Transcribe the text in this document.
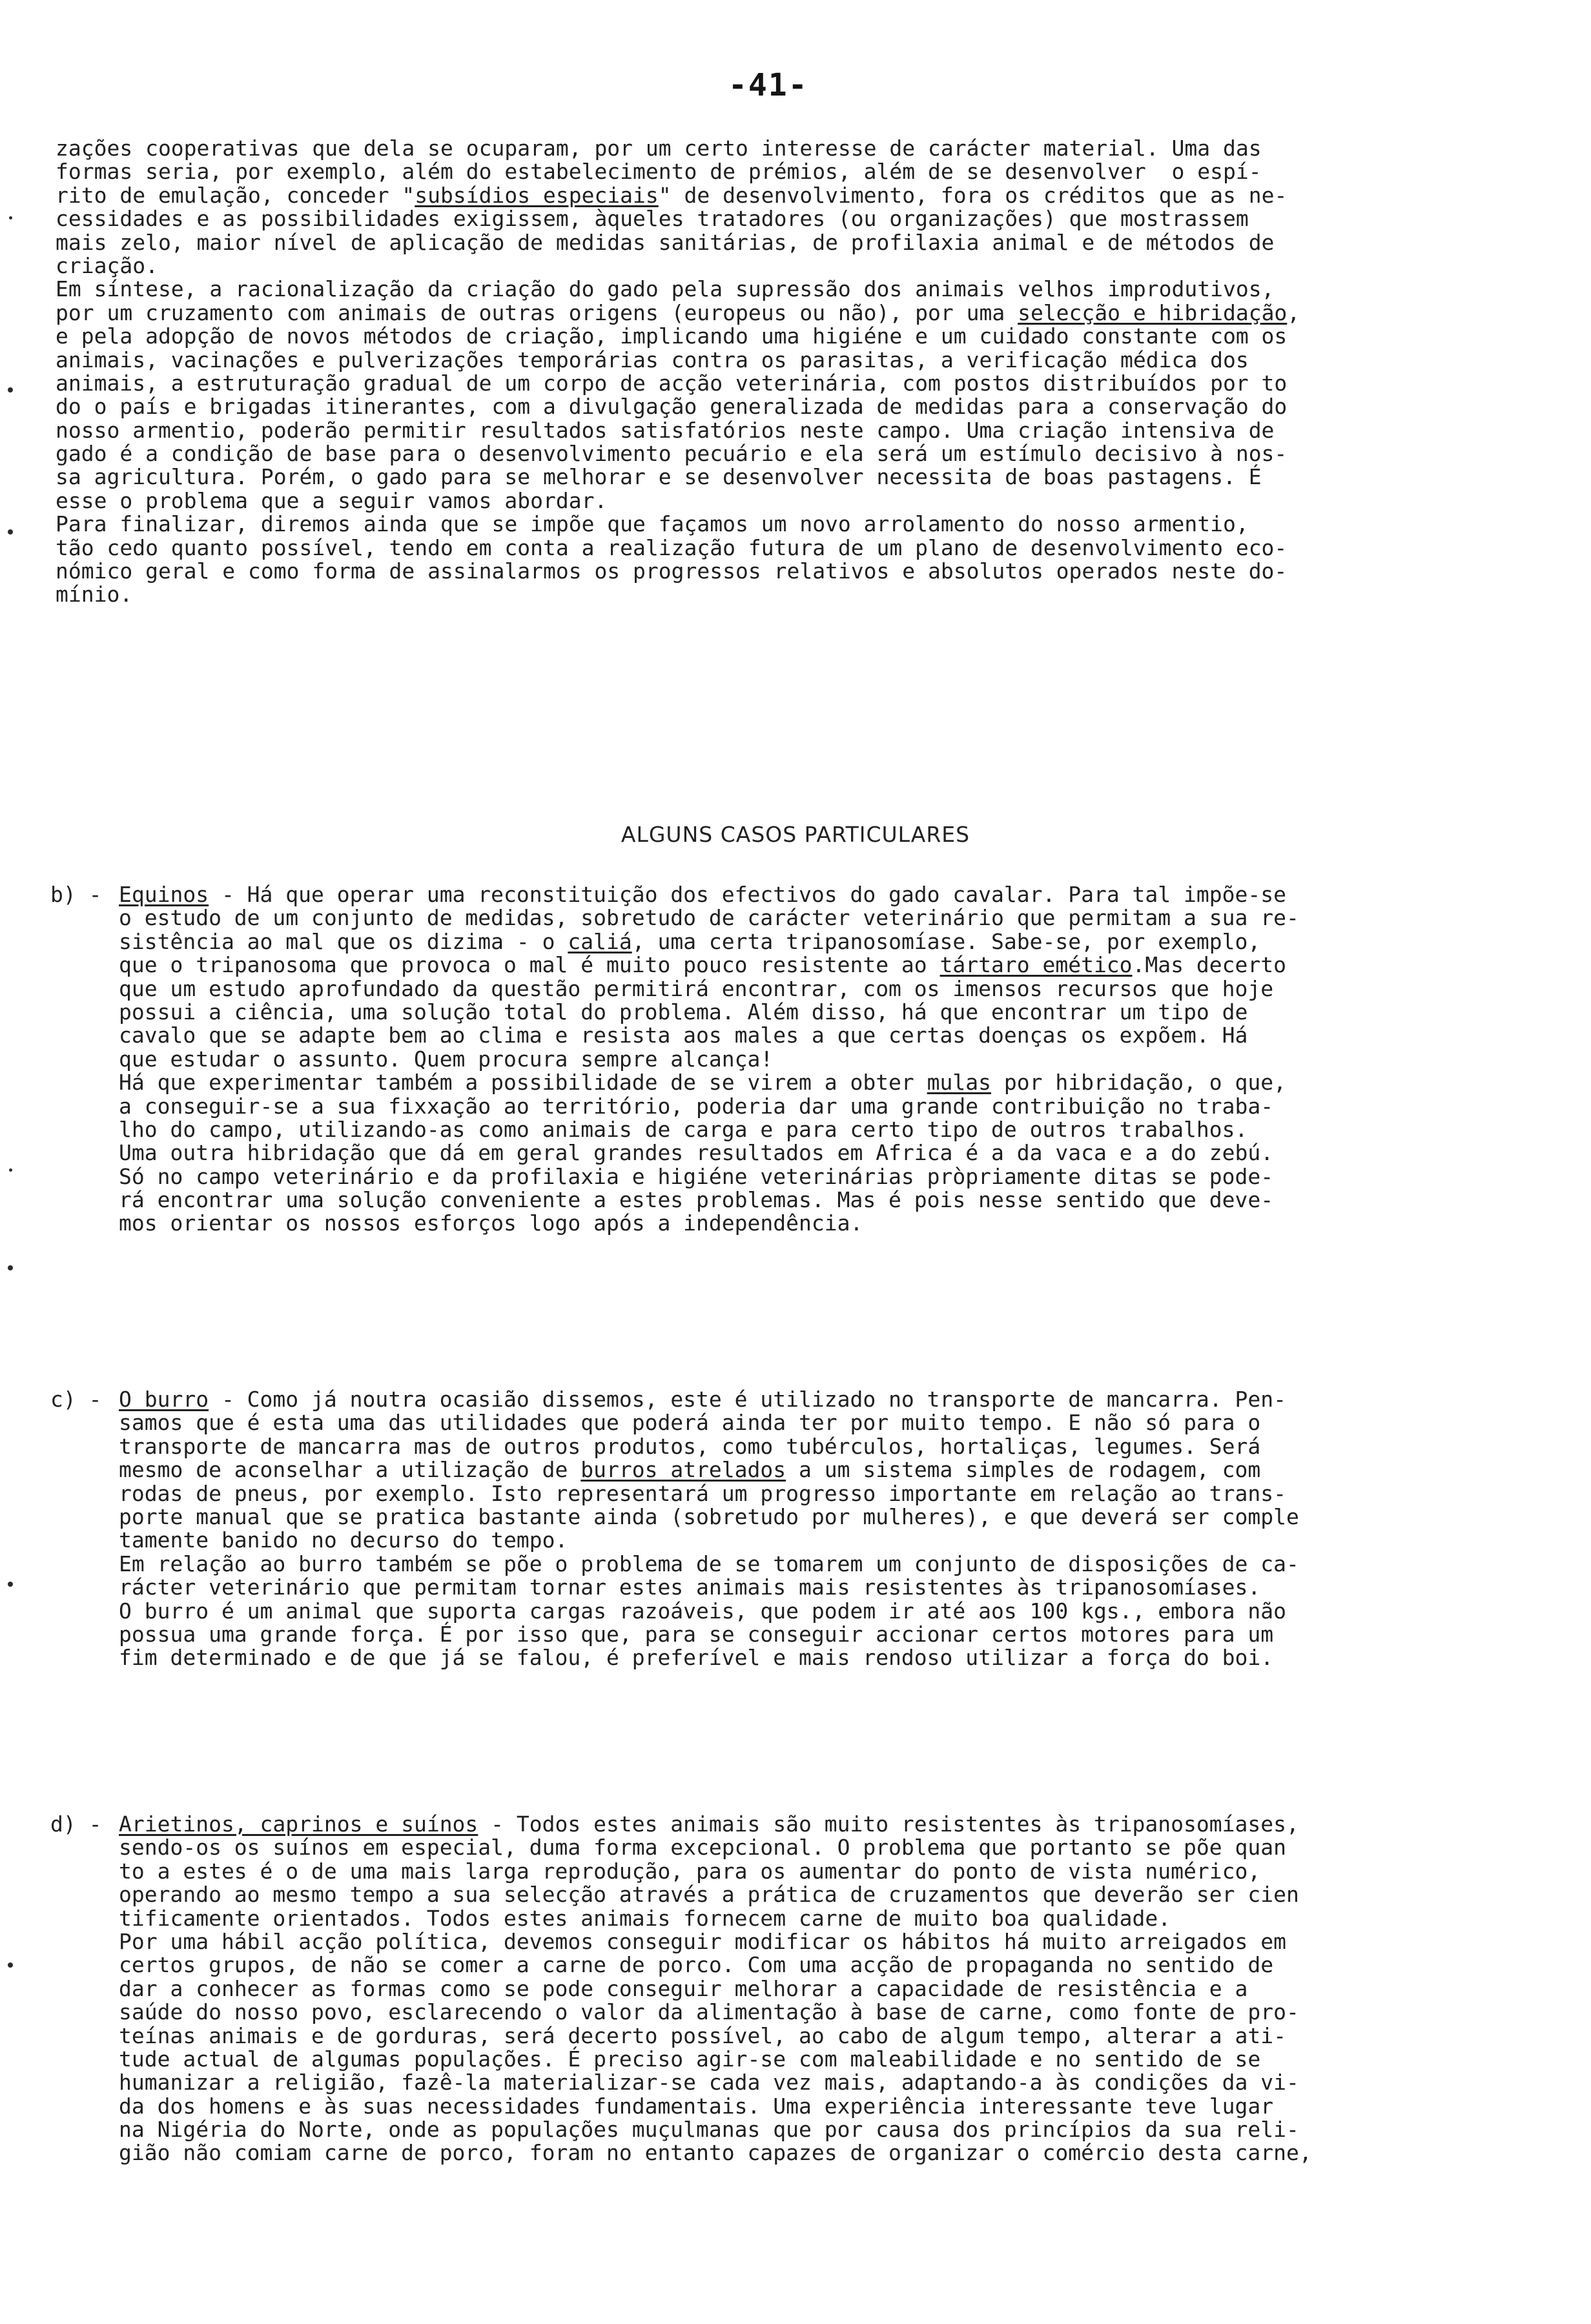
-41-
zações cooperativas que dela se ocuparam, por um certo interesse de carácter material. Uma das
formas seria, por exemplo, além do estabelecimento de prémios, além de se desenvolver  o espí-
rito de emulação, conceder "subsídios especiais" de desenvolvimento, fora os créditos que as ne-
cessidades e as possibilidades exigissem, àqueles tratadores (ou organizações) que mostrassem
mais zelo, maior nível de aplicação de medidas sanitárias, de profilaxia animal e de métodos de
criação.
Em síntese, a racionalização da criação do gado pela supressão dos animais velhos improdutivos,
por um cruzamento com animais de outras origens (europeus ou não), por uma selecção e hibridação,
e pela adopção de novos métodos de criação, implicando uma higiéne e um cuidado constante com os
animais, vacinações e pulverizações temporárias contra os parasitas, a verificação médica dos
animais, a estruturação gradual de um corpo de acção veterinária, com postos distribuídos por to
do o país e brigadas itinerantes, com a divulgação generalizada de medidas para a conservação do
nosso armentio, poderão permitir resultados satisfatórios neste campo. Uma criação intensiva de
gado é a condição de base para o desenvolvimento pecuário e ela será um estímulo decisivo à nos-
sa agricultura. Porém, o gado para se melhorar e se desenvolver necessita de boas pastagens. É
esse o problema que a seguir vamos abordar.
Para finalizar, diremos ainda que se impõe que façamos um novo arrolamento do nosso armentio,
tão cedo quanto possível, tendo em conta a realização futura de um plano de desenvolvimento eco-
nómico geral e como forma de assinalarmos os progressos relativos e absolutos operados neste do-
mínio.
ALGUNS CASOS PARTICULARES
b) - Equinos - Há que operar uma reconstituição dos efectivos do gado cavalar. Para tal impõe-se
o estudo de um conjunto de medidas, sobretudo de carácter veterinário que permitam a sua re-
sistência ao mal que os dizima - o caliá, uma certa tripanosomíase. Sabe-se, por exemplo,
que o tripanosoma que provoca o mal é muito pouco resistente ao tártaro emético.Mas decerto
que um estudo aprofundado da questão permitirá encontrar, com os imensos recursos que hoje
possui a ciência, uma solução total do problema. Além disso, há que encontrar um tipo de
cavalo que se adapte bem ao clima e resista aos males a que certas doenças os expõem. Há
que estudar o assunto. Quem procura sempre alcança!
Há que experimentar também a possibilidade de se virem a obter mulas por hibridação, o que,
a conseguir-se a sua fixxação ao território, poderia dar uma grande contribuição no traba-
lho do campo, utilizando-as como animais de carga e para certo tipo de outros trabalhos.
Uma outra hibridação que dá em geral grandes resultados em Africa é a da vaca e a do zebú.
Só no campo veterinário e da profilaxia e higiéne veterinárias pròpriamente ditas se pode-
rá encontrar uma solução conveniente a estes problemas. Mas é pois nesse sentido que deve-
mos orientar os nossos esforços logo após a independência.
c) - O burro - Como já noutra ocasião dissemos, este é utilizado no transporte de mancarra. Pen-
samos que é esta uma das utilidades que poderá ainda ter por muito tempo. E não só para o
transporte de mancarra mas de outros produtos, como tubérculos, hortaliças, legumes. Será
mesmo de aconselhar a utilização de burros atrelados a um sistema simples de rodagem, com
rodas de pneus, por exemplo. Isto representará um progresso importante em relação ao trans-
porte manual que se pratica bastante ainda (sobretudo por mulheres), e que deverá ser comple
tamente banido no decurso do tempo.
Em relação ao burro também se põe o problema de se tomarem um conjunto de disposições de ca-
rácter veterinário que permitam tornar estes animais mais resistentes às tripanosomíases.
O burro é um animal que suporta cargas razoáveis, que podem ir até aos 100 kgs., embora não
possua uma grande força. É por isso que, para se conseguir accionar certos motores para um
fim determinado e de que já se falou, é preferível e mais rendoso utilizar a força do boi.
d) - Arietinos, caprinos e suínos - Todos estes animais são muito resistentes às tripanosomíases,
sendo-os os suínos em especial, duma forma excepcional. O problema que portanto se põe quan
to a estes é o de uma mais larga reprodução, para os aumentar do ponto de vista numérico,
operando ao mesmo tempo a sua selecção através a prática de cruzamentos que deverão ser cien
tificamente orientados. Todos estes animais fornecem carne de muito boa qualidade.
Por uma hábil acção política, devemos conseguir modificar os hábitos há muito arreigados em
certos grupos, de não se comer a carne de porco. Com uma acção de propaganda no sentido de
dar a conhecer as formas como se pode conseguir melhorar a capacidade de resistência e a
saúde do nosso povo, esclarecendo o valor da alimentação à base de carne, como fonte de pro-
teínas animais e de gorduras, será decerto possível, ao cabo de algum tempo, alterar a ati-
tude actual de algumas populações. É preciso agir-se com maleabilidade e no sentido de se
humanizar a religião, fazê-la materializar-se cada vez mais, adaptando-a às condições da vi-
da dos homens e às suas necessidades fundamentais. Uma experiência interessante teve lugar
na Nigéria do Norte, onde as populações muçulmanas que por causa dos princípios da sua reli-
gião não comiam carne de porco, foram no entanto capazes de organizar o comércio desta carne,
